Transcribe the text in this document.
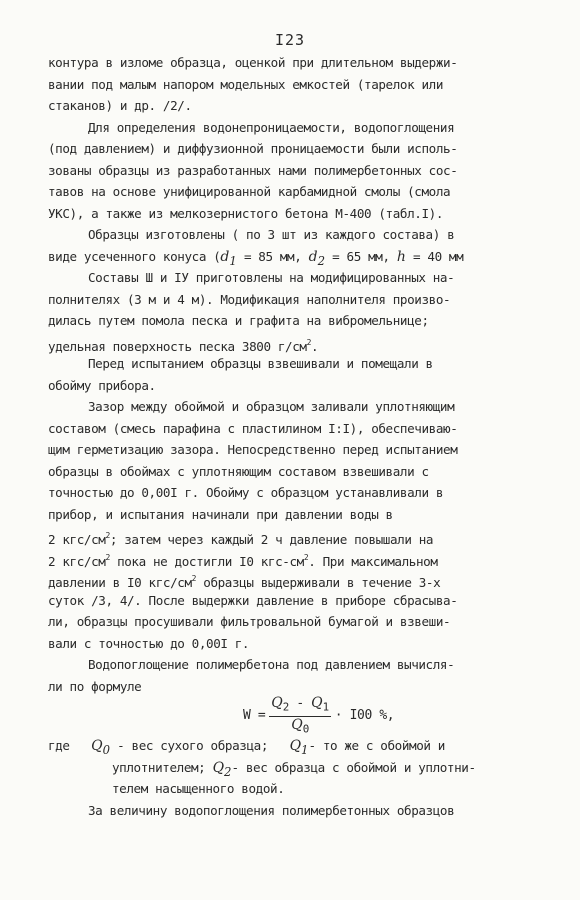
I23
контура в изломе образца, оценкой при длительном выдержи-
вании под малым напором модельных емкостей (тарелок или
стаканов) и др. /2/.
Для определения водонепроницаемости, водопоглощения
(под давлением) и диффузионной проницаемости были исполь-
зованы образцы из разработанных нами полимербетонных сос-
тавов на основе унифицированной карбамидной смолы (смола
УКС), а также из мелкозернистого бетона М-400 (табл.I).
Образцы изготовлены ( по 3 шт из каждого состава) в
виде усеченного конуса ($d_1 = 85$ мм, $d_2 = 65$ мм, h = 40 мм
Составы Ш и IУ приготовлены на модифицированных на-
полнителях (3 м и 4 м). Модификация наполнителя произво-
дилась путем помола песка и графита на вибромельнице;
удельная поверхность песка 3800 $г/см^2$.
Перед испытанием образцы взвешивали и помещали в
обойму прибора.
Зазор между обоймой и образцом заливали уплотняющим
составом (смесь парафина с пластилином I:I), обеспечиваю-
щим герметизацию зазора. Непосредственно перед испытанием
образцы в обоймах с уплотняющим составом взвешивали с
точностью до 0,00I г. Обойму с образцом устанавливали в
прибор, и испытания начинали при давлении воды в
2 кгс/$см^2$; затем через каждый 2 ч давление повышали на
2 кгс/$см^2$ пока не достигли I0 кгс-$см^2$. При максимальном
давлении в I0 кгс/$см^2$ образцы выдерживали в течение 3-х
суток /3, 4/. После выдержки давление в приборе сбрасыва-
ли, образцы просушивали фильтровальной бумагой и взвеши-
вали с точностью до 0,00I г.
Водопоглощение полимербетона под давлением вычисля-
ли по формуле
$W = \frac{Q_2 - Q_1}{Q_0} \cdot I00$ %,
где $Q_0$ - вес сухого образца; $Q_1-$ то же с обоймой и
уплотнителем; $Q_2-$ вес образца с обоймой и уплотни-
телем насыщенного водой.
За величину водопоглощения полимербетонных образцов
